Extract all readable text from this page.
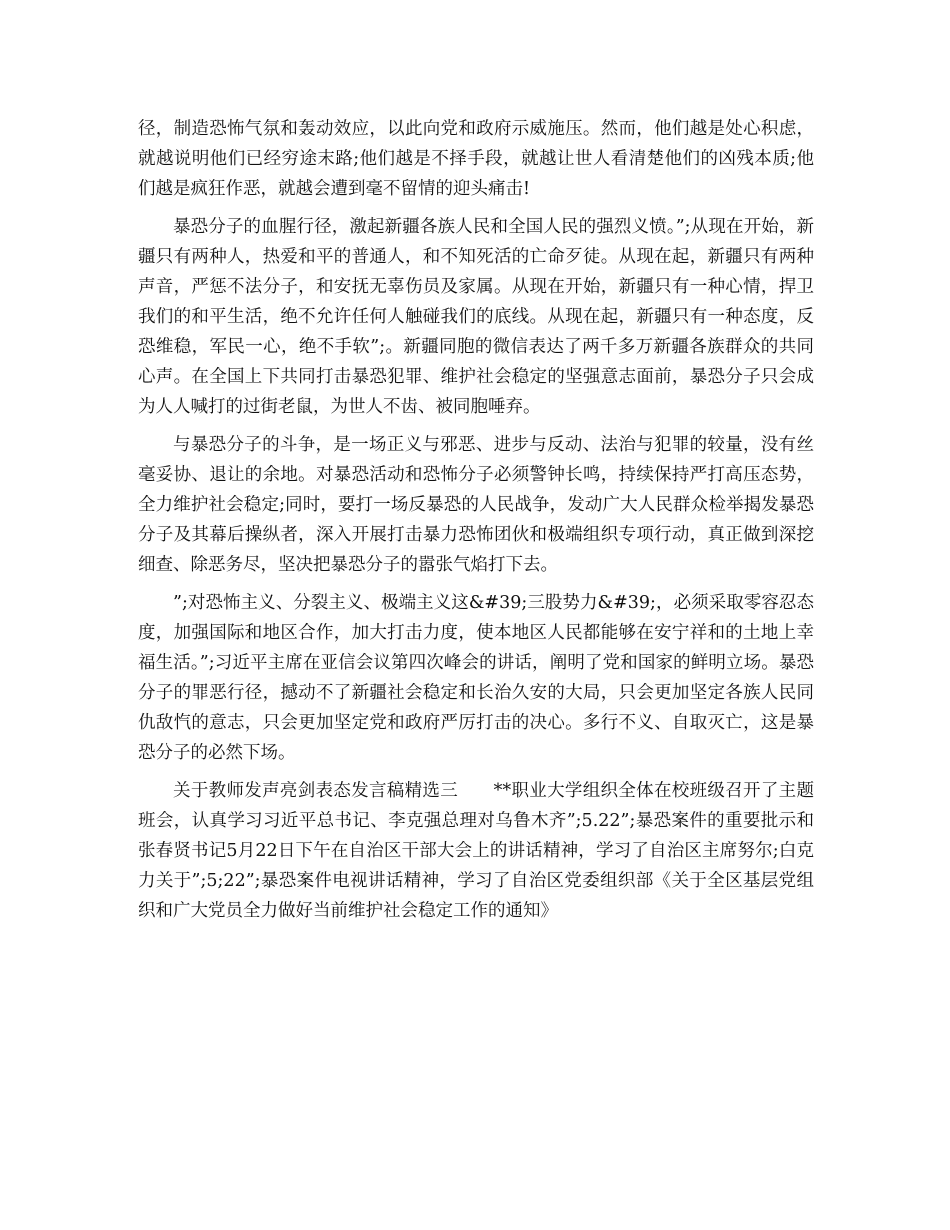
径，制造恐怖气氛和轰动效应，以此向党和政府示威施压。然而，他们越是处心积虑，就越说明他们已经穷途末路;他们越是不择手段，就越让世人看清楚他们的凶残本质;他们越是疯狂作恶，就越会遭到毫不留情的迎头痛击!

暴恐分子的血腥行径，激起新疆各族人民和全国人民的强烈义愤。”;从现在开始，新疆只有两种人，热爱和平的普通人，和不知死活的亡命歹徒。从现在起，新疆只有两种声音，严惩不法分子，和安抚无辜伤员及家属。从现在开始，新疆只有一种心情，捍卫我们的和平生活，绝不允许任何人触碰我们的底线。从现在起，新疆只有一种态度，反恐维稳，军民一心，绝不手软”;。新疆同胞的微信表达了两千多万新疆各族群众的共同心声。在全国上下共同打击暴恐犯罪、维护社会稳定的坚强意志面前，暴恐分子只会成为人人喊打的过街老鼠，为世人不齿、被同胞唾弃。

与暴恐分子的斗争，是一场正义与邪恶、进步与反动、法治与犯罪的较量，没有丝毫妥协、退让的余地。对暴恐活动和恐怖分子必须警钟长鸣，持续保持严打高压态势，全力维护社会稳定;同时，要打一场反暴恐的人民战争，发动广大人民群众检举揭发暴恐分子及其幕后操纵者，深入开展打击暴力恐怖团伙和极端组织专项行动，真正做到深挖细查、除恶务尽，坚决把暴恐分子的嚣张气焰打下去。

”;对恐怖主义、分裂主义、极端主义这&#39;三股势力&#39;，必须采取零容忍态度，加强国际和地区合作，加大打击力度，使本地区人民都能够在安宁祥和的土地上幸福生活。”;习近平主席在亚信会议第四次峰会的讲话，阐明了党和国家的鲜明立场。暴恐分子的罪恶行径，撼动不了新疆社会稳定和长治久安的大局，只会更加坚定各族人民同仇敌忾的意志，只会更加坚定党和政府严厉打击的决心。多行不义、自取灭亡，这是暴恐分子的必然下场。

关于教师发声亮剑表态发言稿精选三　　**职业大学组织全体在校班级召开了主题班会，认真学习习近平总书记、李克强总理对乌鲁木齐”;5.22”;暴恐案件的重要批示和张春贤书记5月22日下午在自治区干部大会上的讲话精神，学习了自治区主席努尔;白克力关于”;5;22”;暴恐案件电视讲话精神，学习了自治区党委组织部《关于全区基层党组织和广大党员全力做好当前维护社会稳定工作的通知》
